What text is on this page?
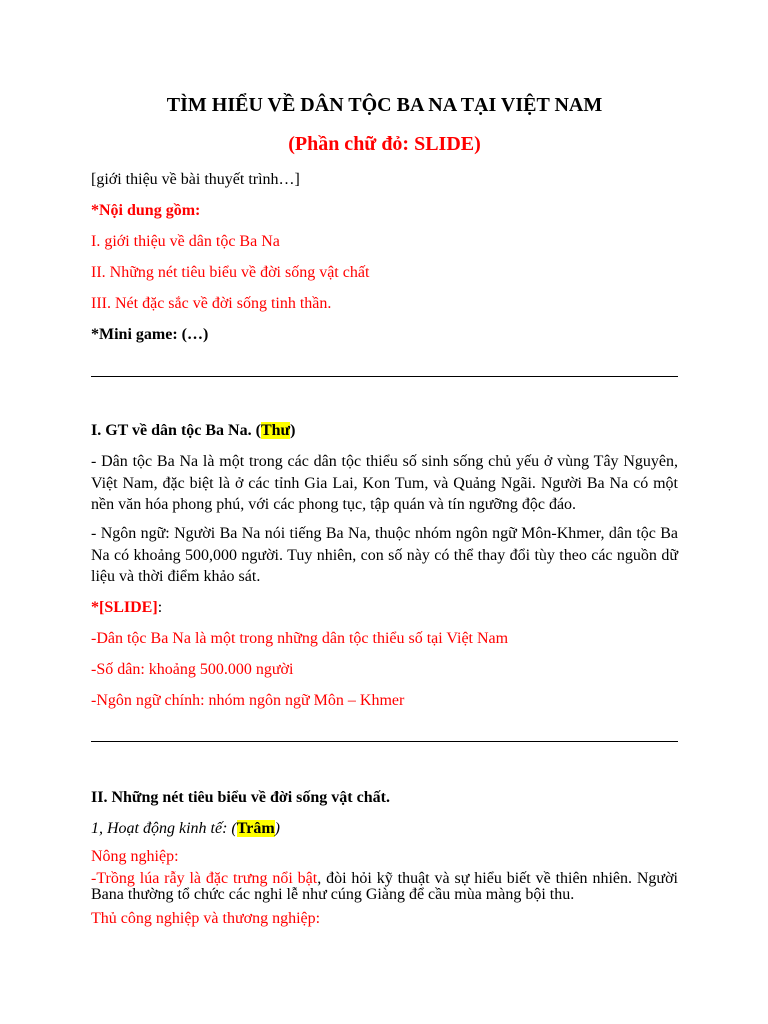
TÌM HIỂU VỀ DÂN TỘC BA NA TẠI VIỆT NAM
(Phần chữ đỏ: SLIDE)
[giới thiệu về bài thuyết trình…]
*Nội dung gồm:
I. giới thiệu về dân tộc Ba Na
II. Những nét tiêu biểu về đời sống vật chất
III. Nét đặc sắc về đời sống tinh thần.
*Mini game: (…)
I. GT về dân tộc Ba Na. (Thư)
- Dân tộc Ba Na là một trong các dân tộc thiểu số sinh sống chủ yếu ở vùng Tây Nguyên, Việt Nam, đặc biệt là ở các tỉnh Gia Lai, Kon Tum, và Quảng Ngãi. Người Ba Na có một nền văn hóa phong phú, với các phong tục, tập quán và tín ngưỡng độc đáo.
- Ngôn ngữ: Người Ba Na nói tiếng Ba Na, thuộc nhóm ngôn ngữ Môn-Khmer, dân tộc Ba Na có khoảng 500,000 người. Tuy nhiên, con số này có thể thay đổi tùy theo các nguồn dữ liệu và thời điểm khảo sát.
*[SLIDE]:
-Dân tộc Ba Na là một trong những dân tộc thiểu số tại Việt Nam
-Số dân: khoảng 500.000 người
-Ngôn ngữ chính: nhóm ngôn ngữ Môn – Khmer
II. Những nét tiêu biểu về đời sống vật chất.
1, Hoạt động kinh tế: (Trâm)
Nông nghiệp:
-Trồng lúa rẫy là đặc trưng nổi bật, đòi hỏi kỹ thuật và sự hiểu biết về thiên nhiên. Người Bana thường tổ chức các nghi lễ như cúng Giàng để cầu mùa màng bội thu.
Thủ công nghiệp và thương nghiệp:
